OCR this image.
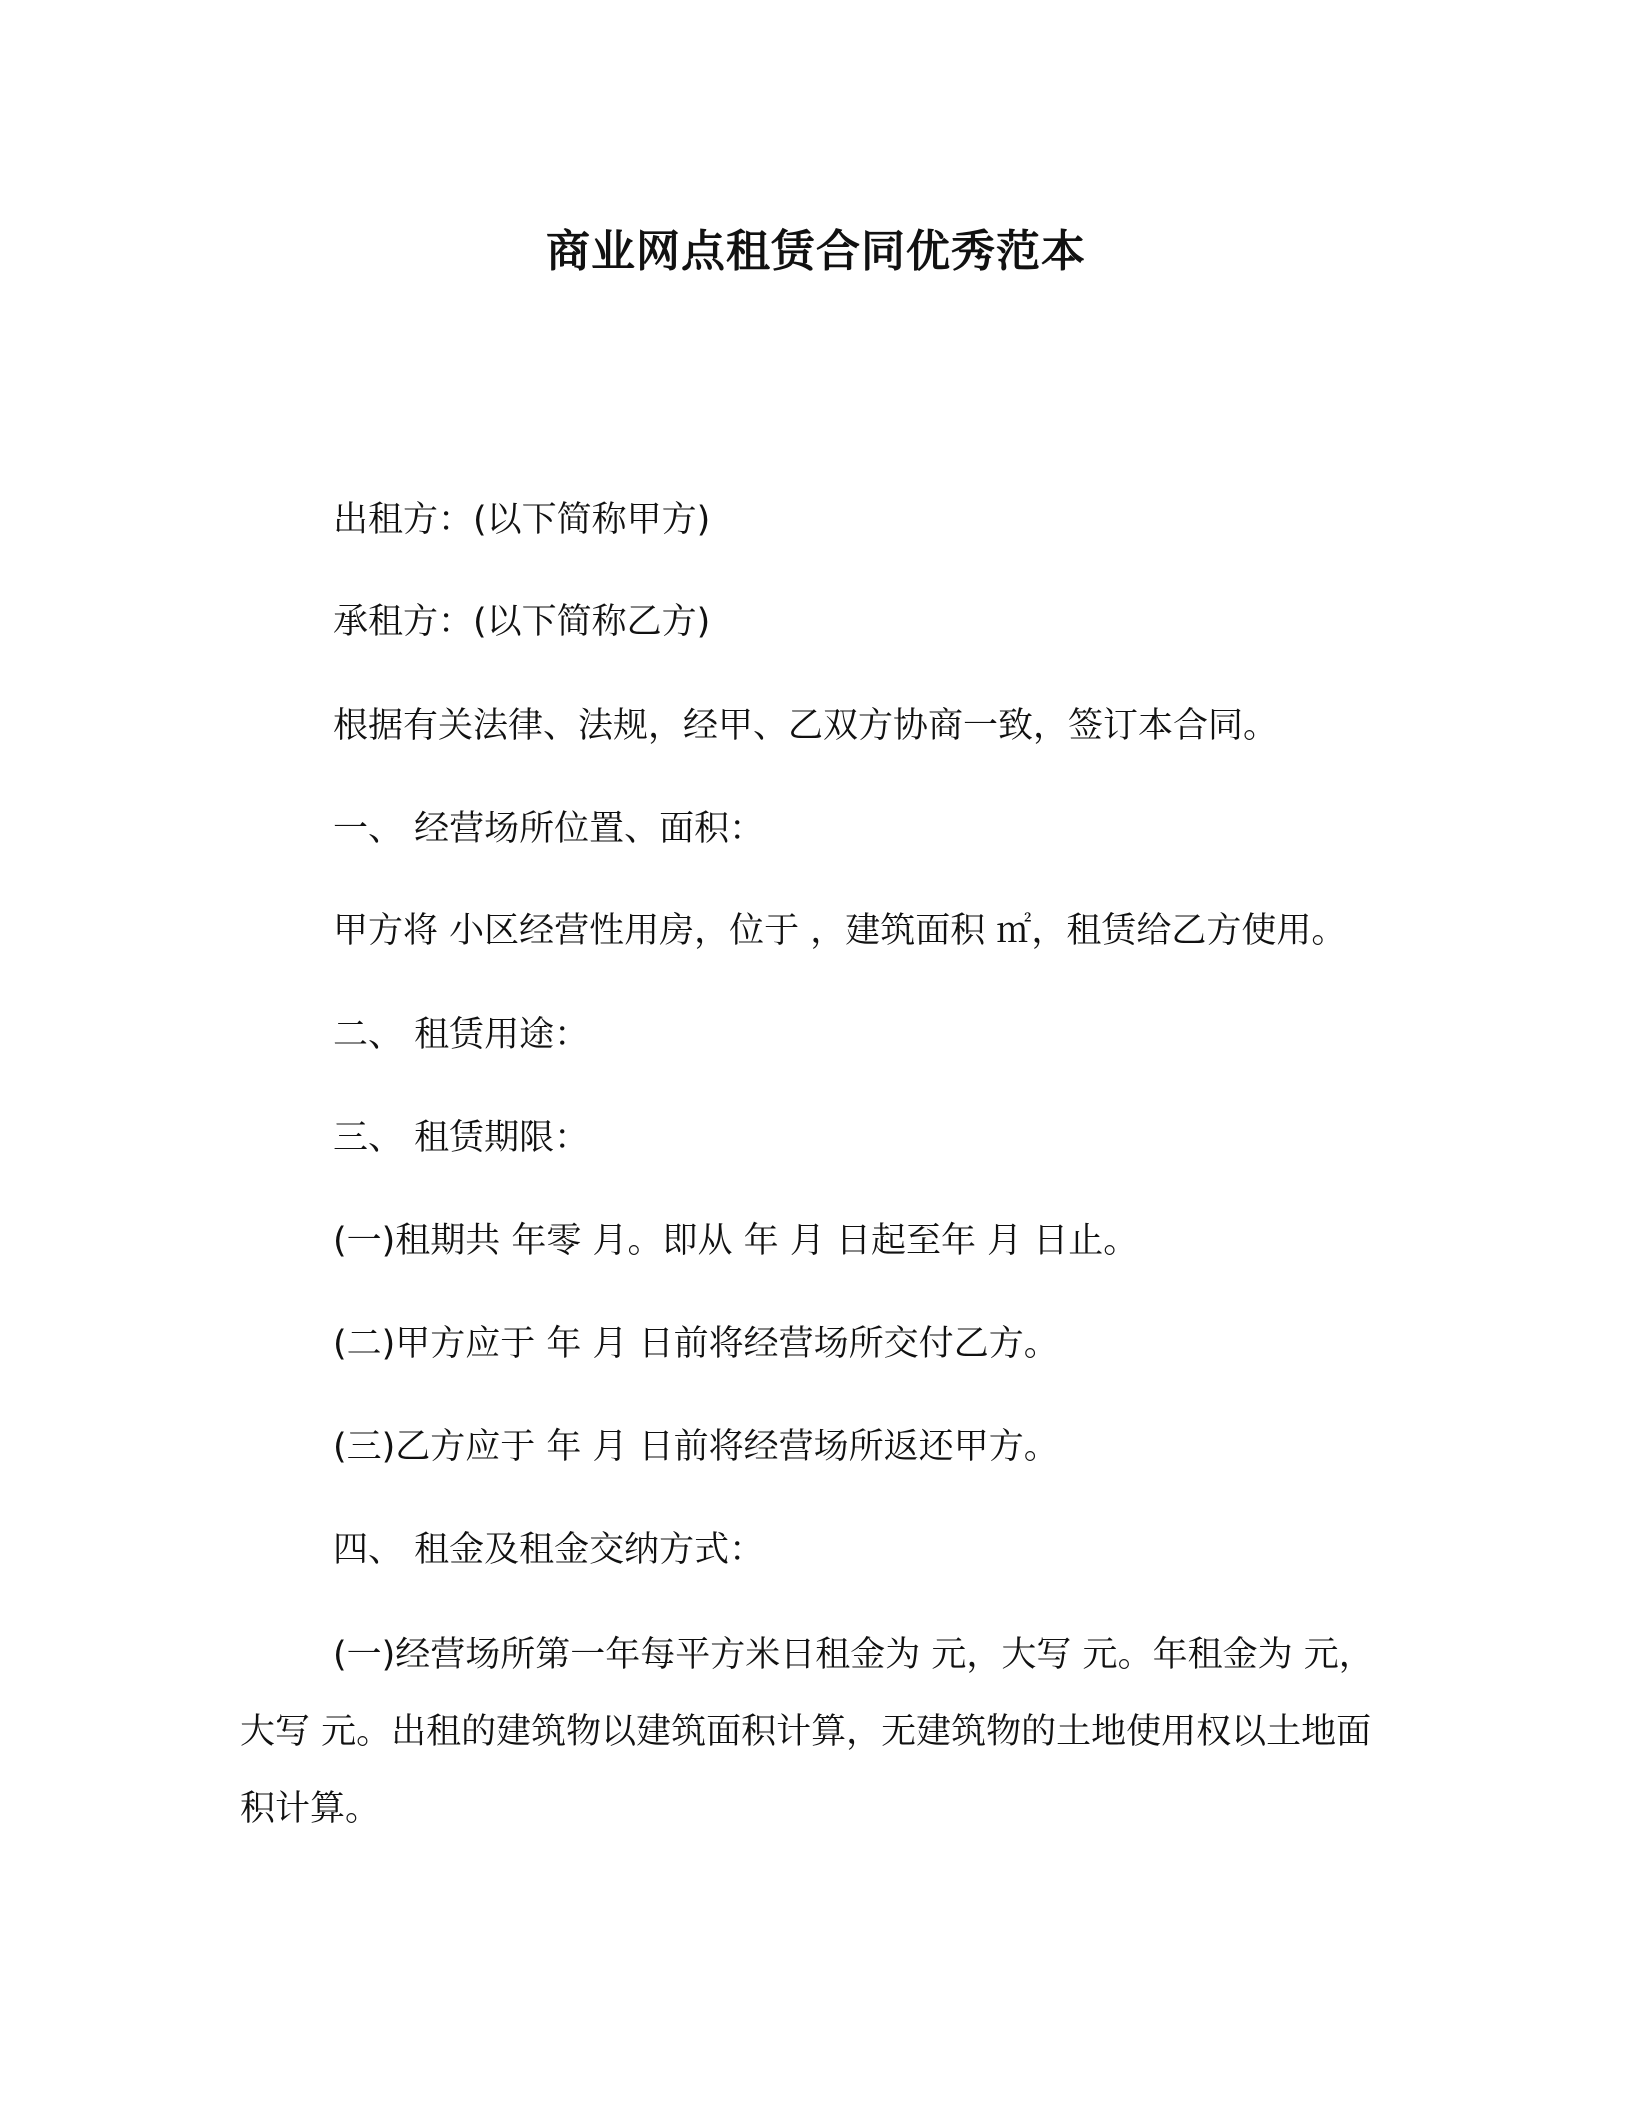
商业网点租赁合同优秀范本

出租方：(以下简称甲方)

承租方：(以下简称乙方)

根据有关法律、法规，经甲、乙双方协商一致，签订本合同。

一、 经营场所位置、面积：

甲方将 小区经营性用房，位于 ，建筑面积 ㎡，租赁给乙方使用。

二、 租赁用途：

三、 租赁期限：

(一)租期共 年零 月。即从 年 月 日起至年 月 日止。

(二)甲方应于 年 月 日前将经营场所交付乙方。

(三)乙方应于 年 月 日前将经营场所返还甲方。

四、 租金及租金交纳方式：

(一)经营场所第一年每平方米日租金为 元，大写 元。年租金为 元，大写 元。出租的建筑物以建筑面积计算，无建筑物的土地使用权以土地面积计算。
